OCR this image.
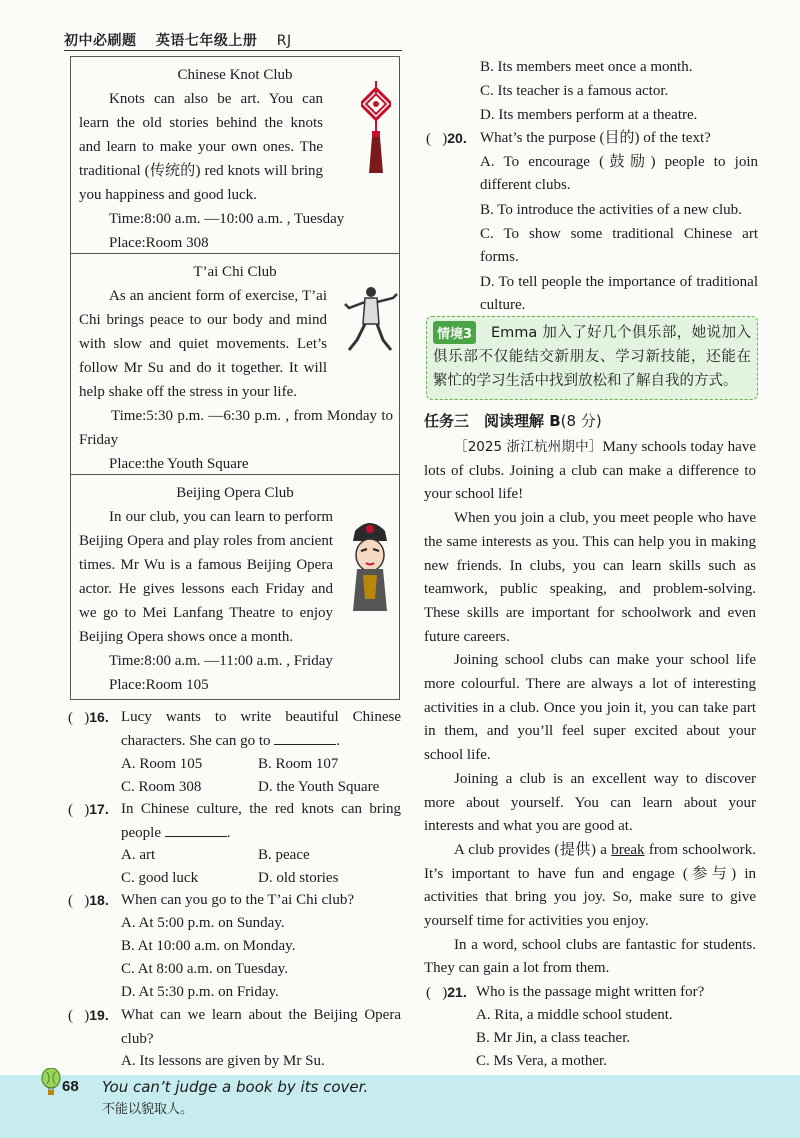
初中必刷题 英语七年级上册 RJ
Chinese Knot Club

Knots can also be art. You can learn the old stories behind the knots and learn to make your own ones. The traditional (传统的) red knots will bring you happiness and good luck.

Time:8:00 a.m. —10:00 a.m. , Tuesday
Place:Room 308
T’ai Chi Club

As an ancient form of exercise, T’ai Chi brings peace to our body and mind with slow and quiet movements. Let’s follow Mr Su and do it together. It will help shake off the stress in your life.

Time:5:30 p.m. —6:30 p.m. , from Monday to Friday

Place:the Youth Square
Beijing Opera Club

In our club, you can learn to perform Beijing Opera and play roles from ancient times. Mr Wu is a famous Beijing Opera actor. He gives lessons each Friday and we go to Mei Lanfang Theatre to enjoy Beijing Opera shows once a month.

Time:8:00 a.m. —11:00 a.m. , Friday
Place:Room 105
( )16. Lucy wants to write beautiful Chinese characters. She can go to	.
A. Room 105	B. Room 107
C. Room 308	D. the Youth Square
( )17. In Chinese culture, the red knots can bring people	.
A. art	B. peace
C. good luck	D. old stories
( )18. When can you go to the T’ai Chi club?
A. At 5:00 p.m. on Sunday.
B. At 10:00 a.m. on Monday.
C. At 8:00 a.m. on Tuesday.
D. At 5:30 p.m. on Friday.
( )19. What can we learn about the Beijing Opera club?
A. Its lessons are given by Mr Su.
B. Its members meet once a month.
C. Its teacher is a famous actor.
D. Its members perform at a theatre.
( )20. What’s the purpose (目的) of the text?
A. To encourage (鼓励) people to join different clubs.
B. To introduce the activities of a new club.
C. To show some traditional Chinese art forms.
D. To tell people the importance of traditional culture.
Emma 加入了好几个俱乐部，她说加入俱乐部不仅能结交新朋友、学习新技能，还能在繁忙的学习生活中找到放松和了解自我的方式。
情境3
任务三　阅读理解 B(8 分)

［2025 浙江杭州期中］Many schools today have lots of clubs. Joining a club can make a difference to your school life!

When you join a club, you meet people who have the same interests as you. This can help you in making new friends. In clubs, you can learn skills such as teamwork, public speaking, and problem-solving. These skills are important for schoolwork and even future careers.

Joining school clubs can make your school life more colourful. There are always a lot of interesting activities in a club. Once you join it, you can take part in them, and you’ll feel super excited about your school life.

Joining a club is an excellent way to discover more about yourself. You can learn about your interests and what you are good at.

A club provides (提供) a break from schoolwork. It’s important to have fun and engage (参与) in activities that bring you joy. So, make sure to give yourself time for activities you enjoy.

In a word, school clubs are fantastic for students. They can gain a lot from them.

( )21. Who is the passage might written for?
A. Rita, a middle school student.
B. Mr Jin, a class teacher.
C. Ms Vera, a mother.
68 You can’t judge a book by its cover.
不能以貌取人。
